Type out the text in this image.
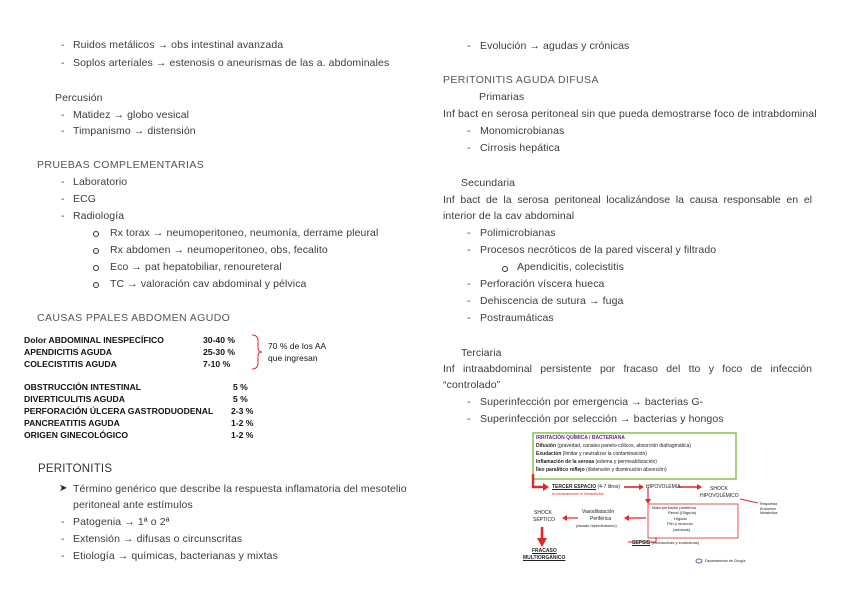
- Ruidos metálicos → obs intestinal avanzada
- Soplos arteriales → estenosis o aneurismas de las a. abdominales
Percusión
- Matidez → globo vesical
- Timpanismo → distensión
PRUEBAS COMPLEMENTARIAS
- Laboratorio
- ECG
- Radiología
Rx torax → neumoperitoneo, neumonía, derrame pleural
Rx abdomen → neumoperitoneo, obs, fecalito
Eco → pat hepatobiliar, renoureteral
TC → valoración cav abdominal y pélvica
CAUSAS PPALES ABDOMEN AGUDO
Dolor ABDOMINAL INESPECÍFICO	30-40 %
APENDICITIS AGUDA	25-30 %
COLECISTITIS AGUDA	7-10 %
70 % de los AA
que ingresan
OBSTRUCCIÓN INTESTINAL	5 %
DIVERTICULITIS AGUDA	5 %
PERFORACIÓN ÚLCERA GASTRODUODENAL 2-3 %
PANCREATITIS AGUDA	1-2 %
ORIGEN GINECOLÓGICO	1-2 %
PERITONITIS
➤ Término genérico que describe la respuesta inflamatoria del mesotelio
peritoneal ante estímulos
- Patogenia → 1ª o 2ª
- Extensión → difusas o circunscritas
- Etiología → químicas, bacterianas y mixtas
- Evolución → agudas y crónicas
PERITONITIS AGUDA DIFUSA
Primarias
Inf bact en serosa peritoneal sin que pueda demostrarse foco de intrabdominal
- Monomicrobianas
- Cirrosis hepática
Secundaria
Inf bact de la serosa peritoneal localizándose la causa responsable en el
interior de la cav abdominal
- Polimicrobianas
- Procesos necróticos de la pared visceral y filtrado
Apendicitis, colecistitis
- Perforación víscera hueca
- Dehiscencia de sutura → fuga
- Postraumáticas
Terciaria
Inf intraabdominal persistente por fracaso del tto y foco de infección
“controlado”
- Superinfección por emergencia → bacterias G-
- Superinfección por selección → bacterias y hongos
IRRITACIÓN QUÍMICA / BACTERIANA
Difusión (gravedad, canales parieto-cólicos, absorción diafragmática)
Exudación (limitar y neutralizar la contaminación)
Inflamación de la serosa (edema y permeabilización)
Íleo paralítico reflejo (distensión y disminución absorción)
TERCER ESPACIO (4-7 litros)
in intravascular in intracelular
HIPOVOLEMIA	SHOCK
HIPOVOLÉMICO
Respuesta Endocrino Metabólica
SHOCK
SÉPTICO
Vasodilatación
Periférica
(estado hiperdinámico)
Mala perfusión periférica
Renal (Oliguria)
Hígado
Piel y músculo
(acidosis)
SEPSIS (endotoxinas y exotoxinas)
FRACASO
MULTIORGÁNICO	Departamento de Cirugía
